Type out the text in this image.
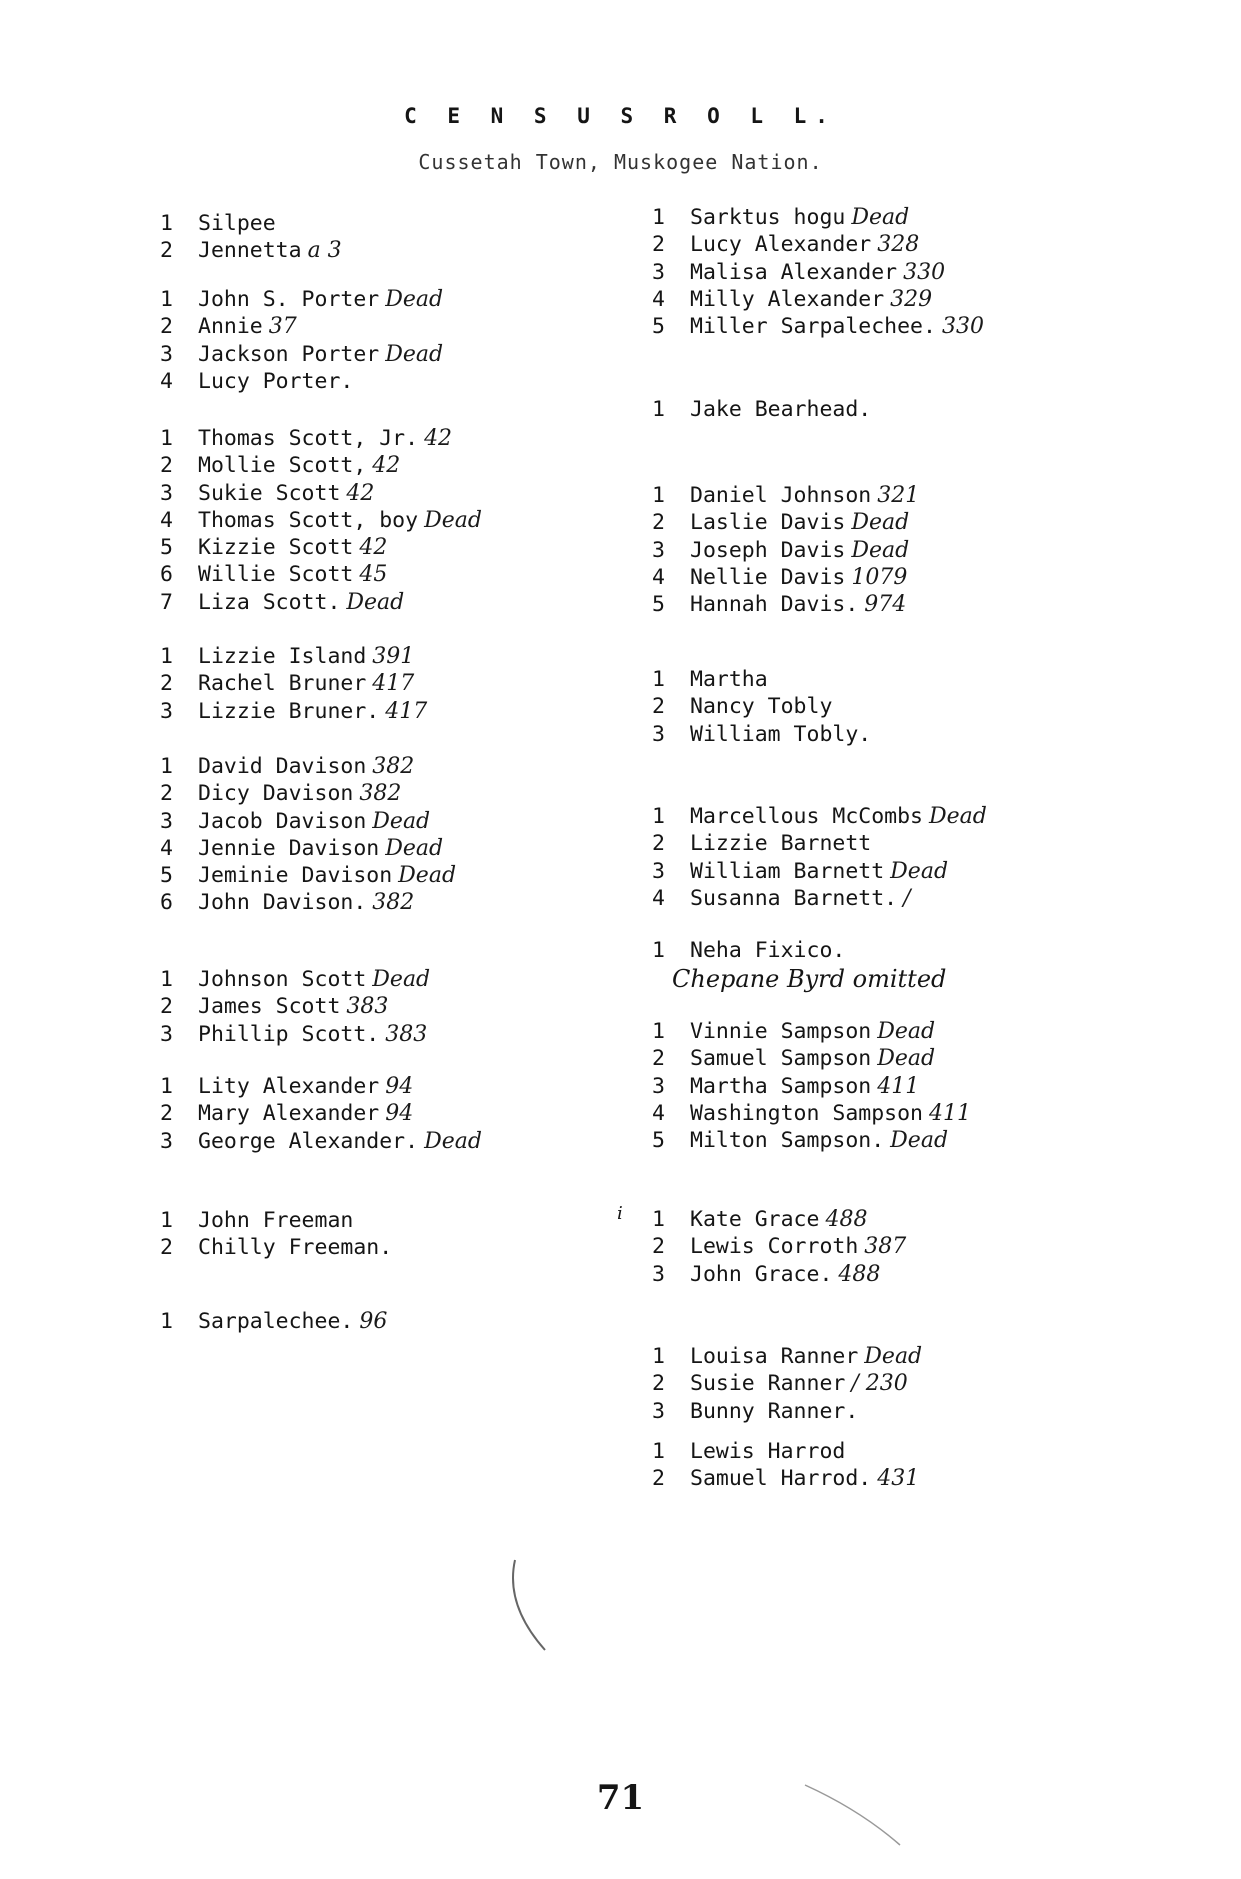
C E N S U S R O L L.
Cussetah Town, Muskogee Nation.
1 Silpee
2 Jennetta a 3
1 John S. Porter Dead
2 Annie 37
3 Jackson Porter Dead
4 Lucy Porter.
1 Thomas Scott, Jr. 42
2 Mollie Scott, 42
3 Sukie Scott 42
4 Thomas Scott, boy Dead
5 Kizzie Scott 42
6 Willie Scott 45
7 Liza Scott. Dead
1 Lizzie Island 391
2 Rachel Bruner 417
3 Lizzie Bruner. 417
1 David Davison 382
2 Dicy Davison 382
3 Jacob Davison Dead
4 Jennie Davison Dead
5 Jeminie Davison Dead
6 John Davison. 382
1 Johnson Scott Dead
2 James Scott 383
3 Phillip Scott. 383
1 Lity Alexander 94
2 Mary Alexander 94
3 George Alexander. Dead
1 John Freeman
2 Chilly Freeman.
1 Sarpalechee. 96
1 Sarktus hogu Dead
2 Lucy Alexander 328
3 Malisa Alexander 330
4 Milly Alexander 329
5 Miller Sarpalechee. 330
1 Jake Bearhead.
1 Daniel Johnson 321
2 Laslie Davis Dead
3 Joseph Davis Dead
4 Nellie Davis 1079
5 Hannah Davis. 974
1 Martha
2 Nancy Tobly
3 William Tobly.
1 Marcellous McCombs Dead
2 Lizzie Barnett
3 William Barnett Dead
4 Susanna Barnett. /
1 Neha Fixico.
Chepane Byrd omitted
1 Vinnie Sampson Dead
2 Samuel Sampson Dead
3 Martha Sampson 411
4 Washington Sampson 411
5 Milton Sampson. Dead
1 Kate Grace 488
2 Lewis Corroth 387
3 John Grace. 488
1 Louisa Ranner Dead
2 Susie Ranner / 230
3 Bunny Ranner.
1 Lewis Harrod
2 Samuel Harrod. 431
i
71
